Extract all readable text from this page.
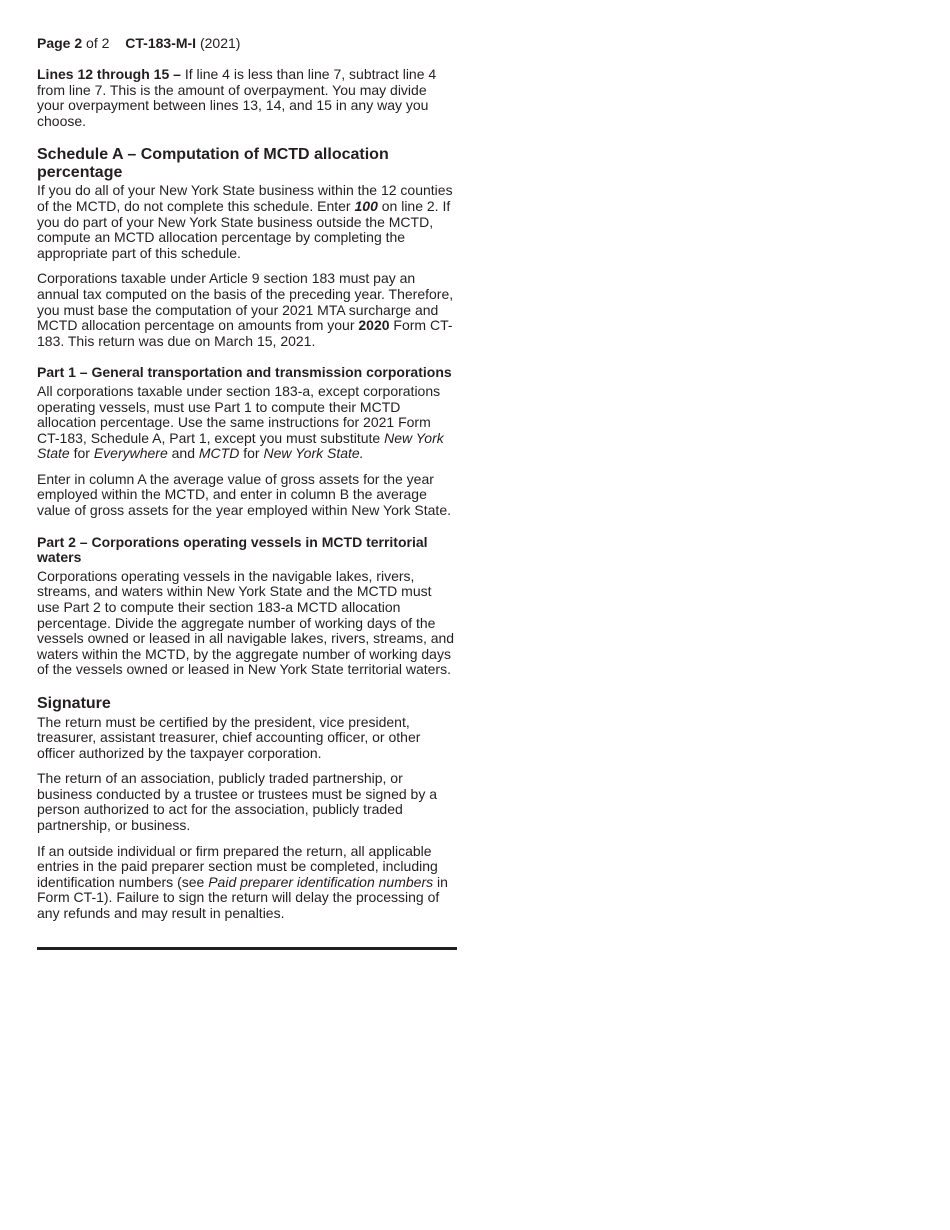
Page 2 of 2 CT-183-M-I (2021)

Lines 12 through 15 – If line 4 is less than line 7, subtract line 4 from line 7. This is the amount of overpayment. You may divide your overpayment between lines 13, 14, and 15 in any way you choose.

Schedule A – Computation of MCTD allocation percentage

If you do all of your New York State business within the 12 counties of the MCTD, do not complete this schedule. Enter 100 on line 2. If you do part of your New York State business outside the MCTD, compute an MCTD allocation percentage by completing the appropriate part of this schedule.

Corporations taxable under Article 9 section 183 must pay an annual tax computed on the basis of the preceding year. Therefore, you must base the computation of your 2021 MTA surcharge and MCTD allocation percentage on amounts from your 2020 Form CT-183. This return was due on March 15, 2021.

Part 1 – General transportation and transmission corporations

All corporations taxable under section 183-a, except corporations operating vessels, must use Part 1 to compute their MCTD allocation percentage. Use the same instructions for 2021 Form CT-183, Schedule A, Part 1, except you must substitute New York State for Everywhere and MCTD for New York State.

Enter in column A the average value of gross assets for the year employed within the MCTD, and enter in column B the average value of gross assets for the year employed within New York State.

Part 2 – Corporations operating vessels in MCTD territorial waters

Corporations operating vessels in the navigable lakes, rivers, streams, and waters within New York State and the MCTD must use Part 2 to compute their section 183-a MCTD allocation percentage. Divide the aggregate number of working days of the vessels owned or leased in all navigable lakes, rivers, streams, and waters within the MCTD, by the aggregate number of working days of the vessels owned or leased in New York State territorial waters.

Signature

The return must be certified by the president, vice president, treasurer, assistant treasurer, chief accounting officer, or other officer authorized by the taxpayer corporation.

The return of an association, publicly traded partnership, or business conducted by a trustee or trustees must be signed by a person authorized to act for the association, publicly traded partnership, or business.

If an outside individual or firm prepared the return, all applicable entries in the paid preparer section must be completed, including identification numbers (see Paid preparer identification numbers in Form CT-1). Failure to sign the return will delay the processing of any refunds and may result in penalties.
